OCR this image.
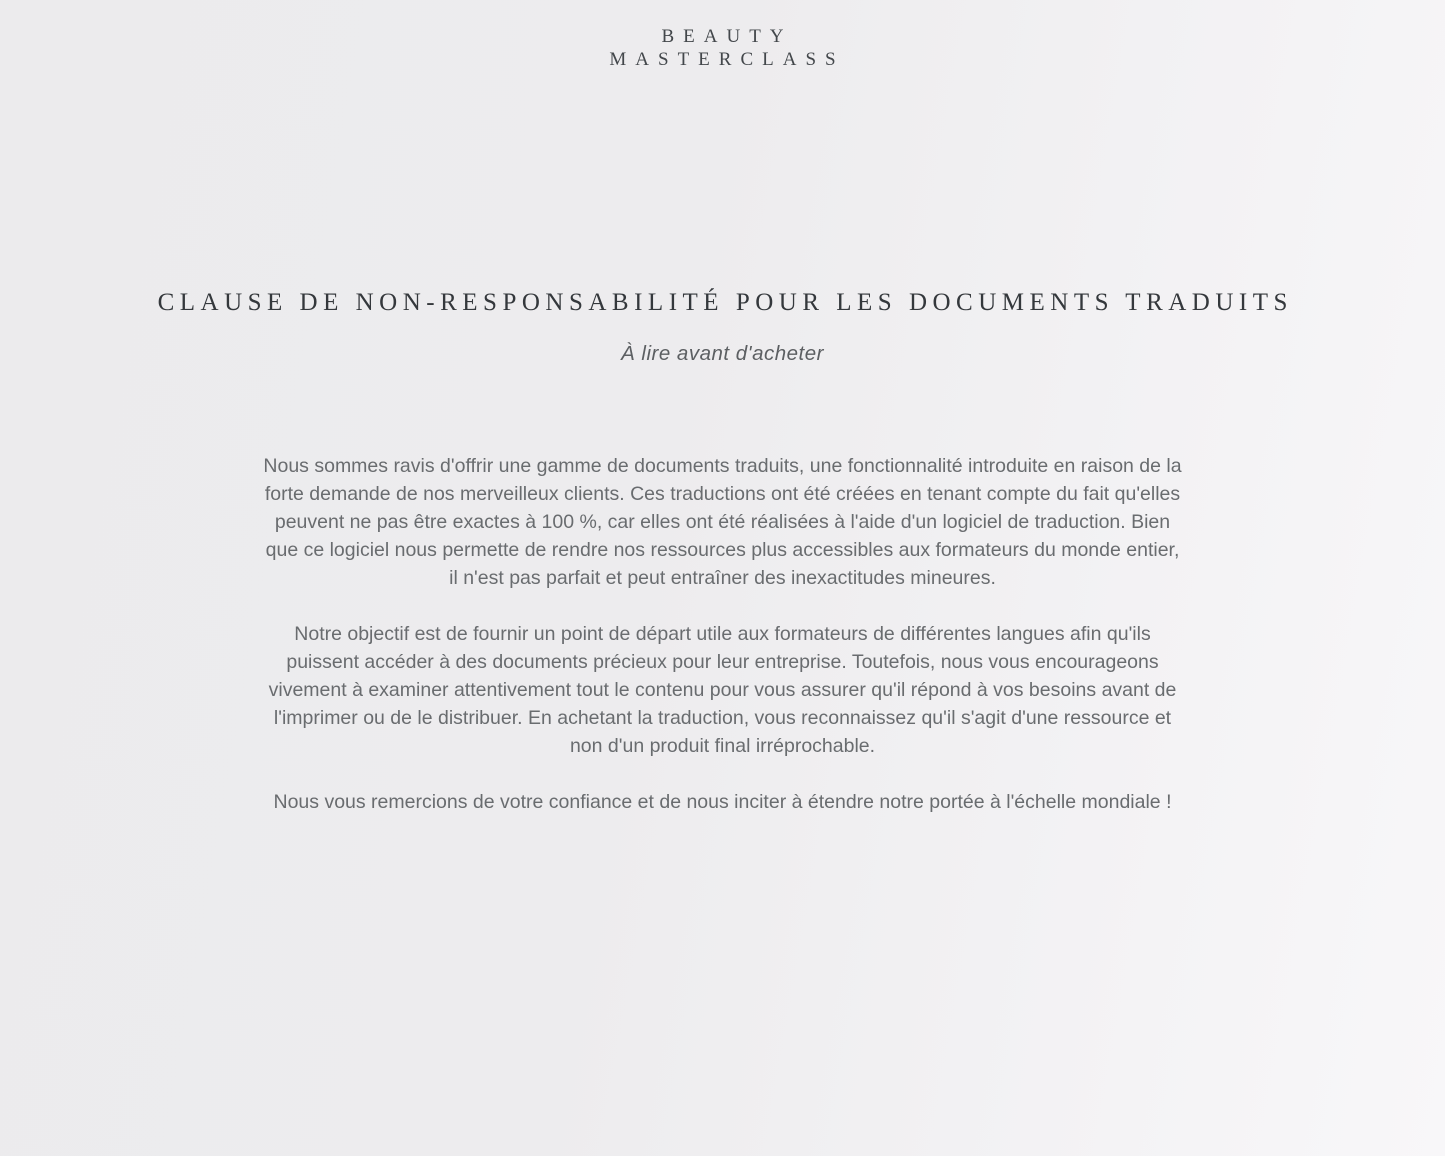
BEAUTY
MASTERCLASS
CLAUSE DE NON-RESPONSABILITÉ POUR LES DOCUMENTS TRADUITS

À lire avant d'acheter

Nous sommes ravis d'offrir une gamme de documents traduits, une fonctionnalité introduite en raison de la forte demande de nos merveilleux clients. Ces traductions ont été créées en tenant compte du fait qu'elles peuvent ne pas être exactes à 100 %, car elles ont été réalisées à l'aide d'un logiciel de traduction. Bien que ce logiciel nous permette de rendre nos ressources plus accessibles aux formateurs du monde entier, il n'est pas parfait et peut entraîner des inexactitudes mineures.

Notre objectif est de fournir un point de départ utile aux formateurs de différentes langues afin qu'ils puissent accéder à des documents précieux pour leur entreprise. Toutefois, nous vous encourageons vivement à examiner attentivement tout le contenu pour vous assurer qu'il répond à vos besoins avant de l'imprimer ou de le distribuer. En achetant la traduction, vous reconnaissez qu'il s'agit d'une ressource et non d'un produit final irréprochable.

Nous vous remercions de votre confiance et de nous inciter à étendre notre portée à l'échelle mondiale !
